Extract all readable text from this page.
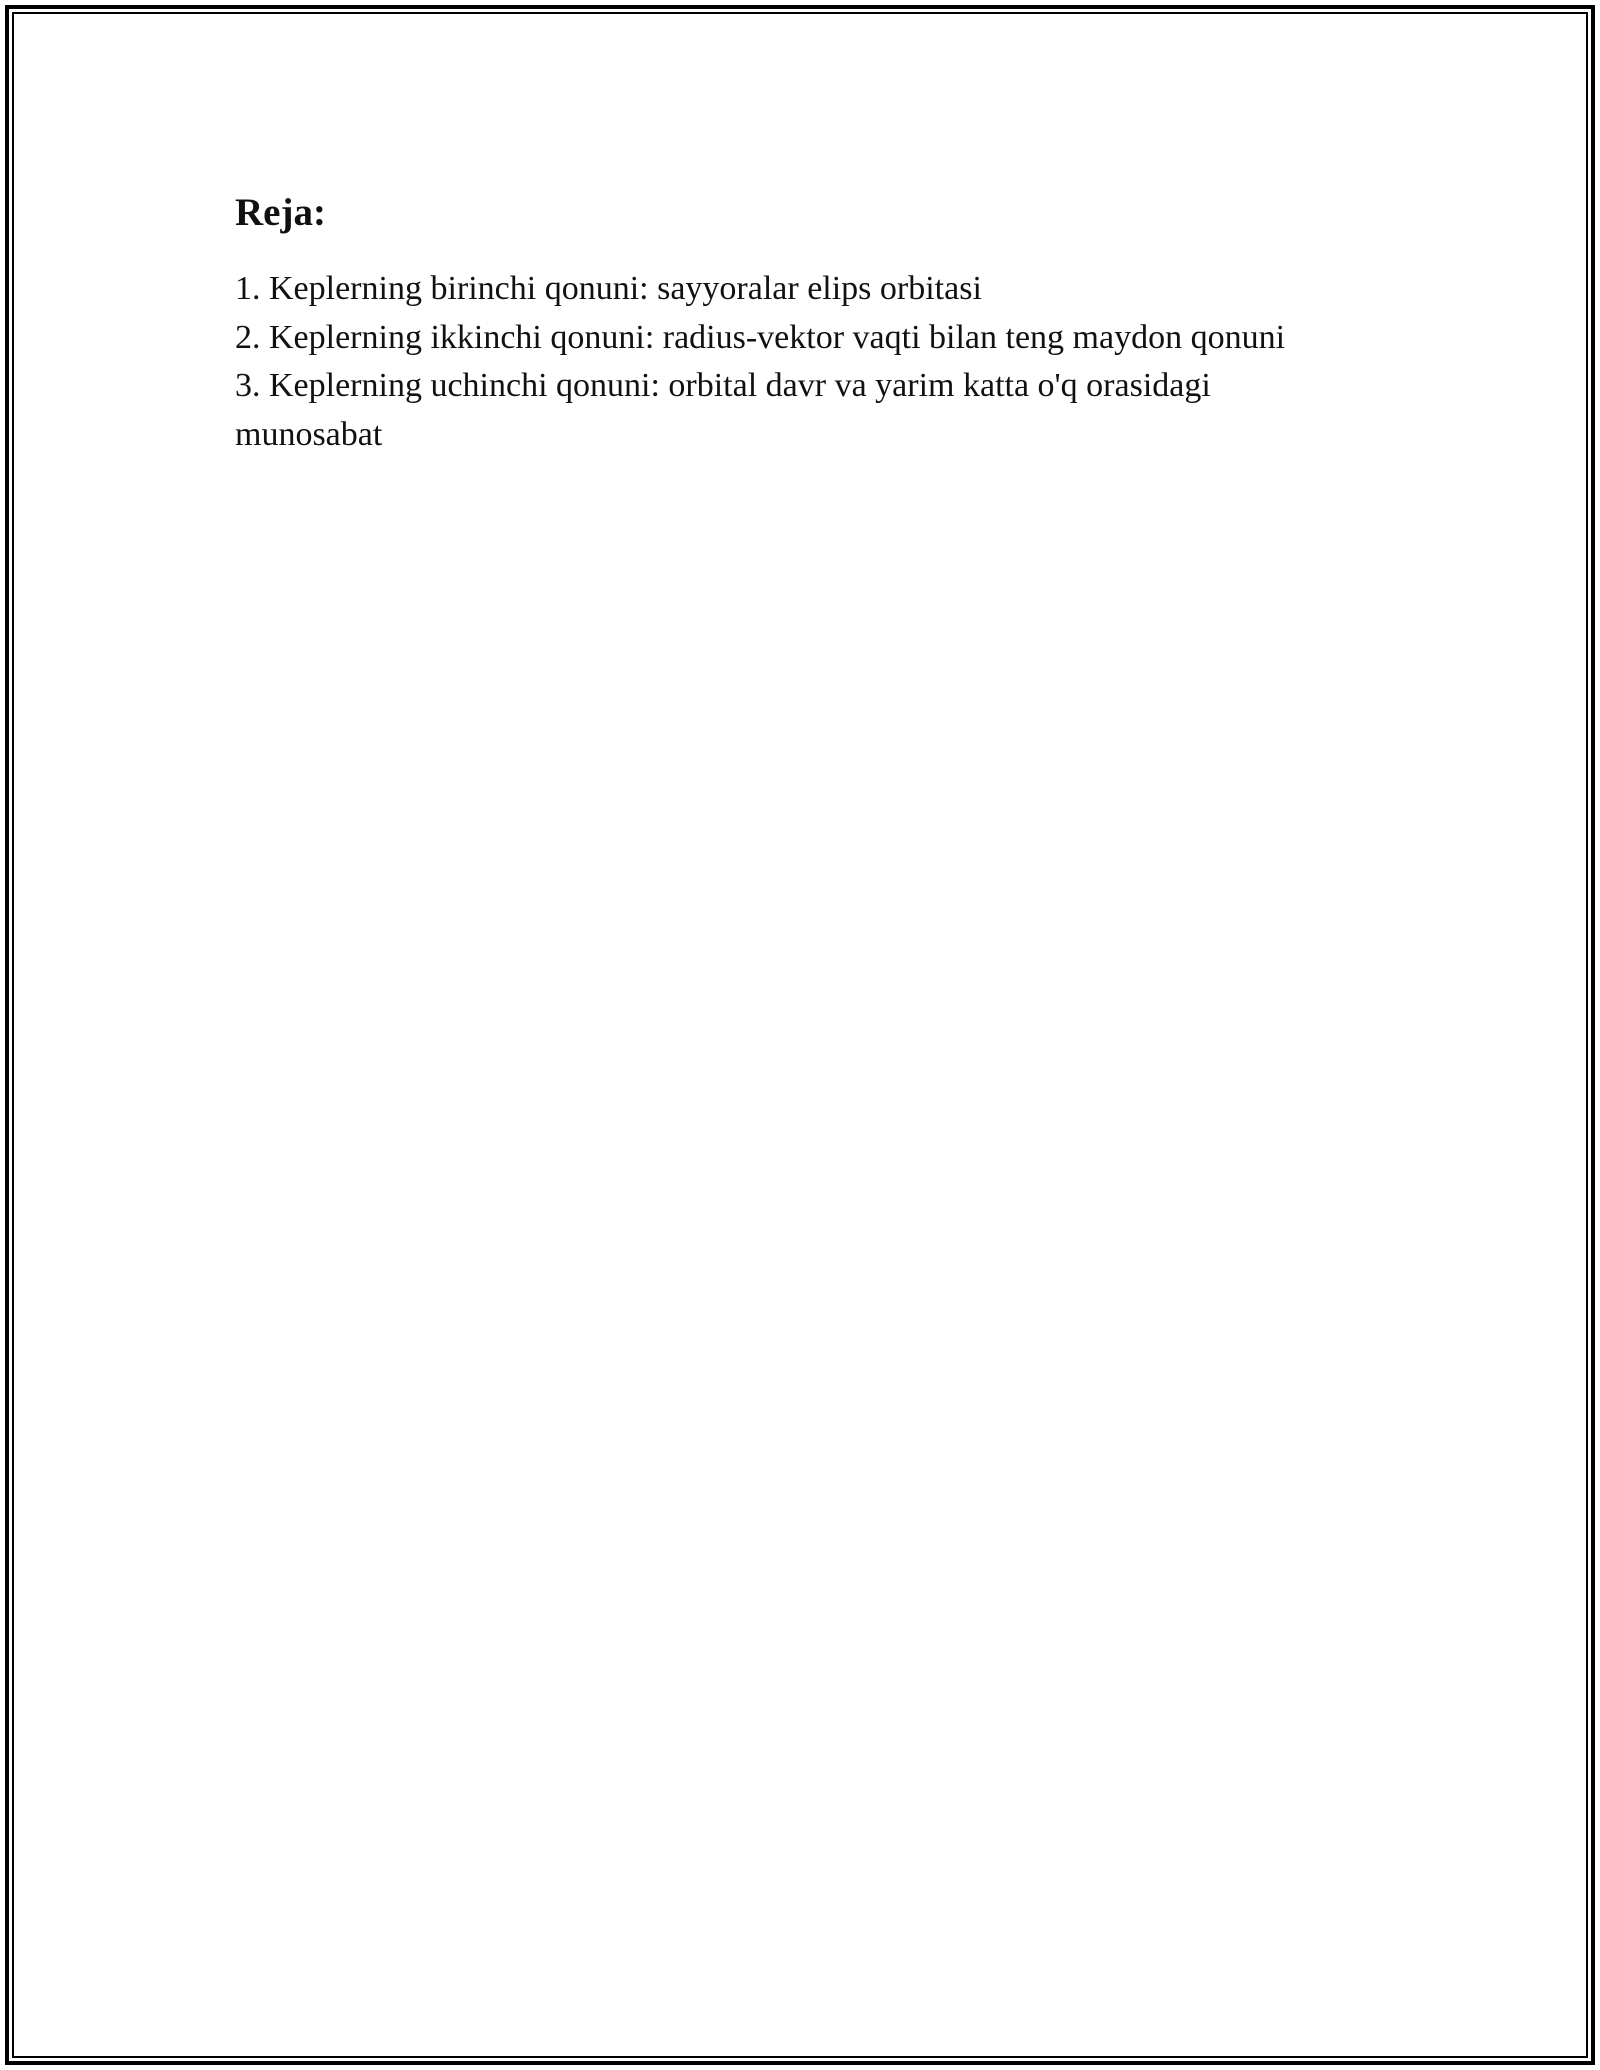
Reja:
1. Keplerning birinchi qonuni: sayyoralar elips orbitasi
2. Keplerning ikkinchi qonuni: radius-vektor vaqti bilan teng maydon qonuni
3. Keplerning uchinchi qonuni: orbital davr va yarim katta o'q orasidagi munosabat
